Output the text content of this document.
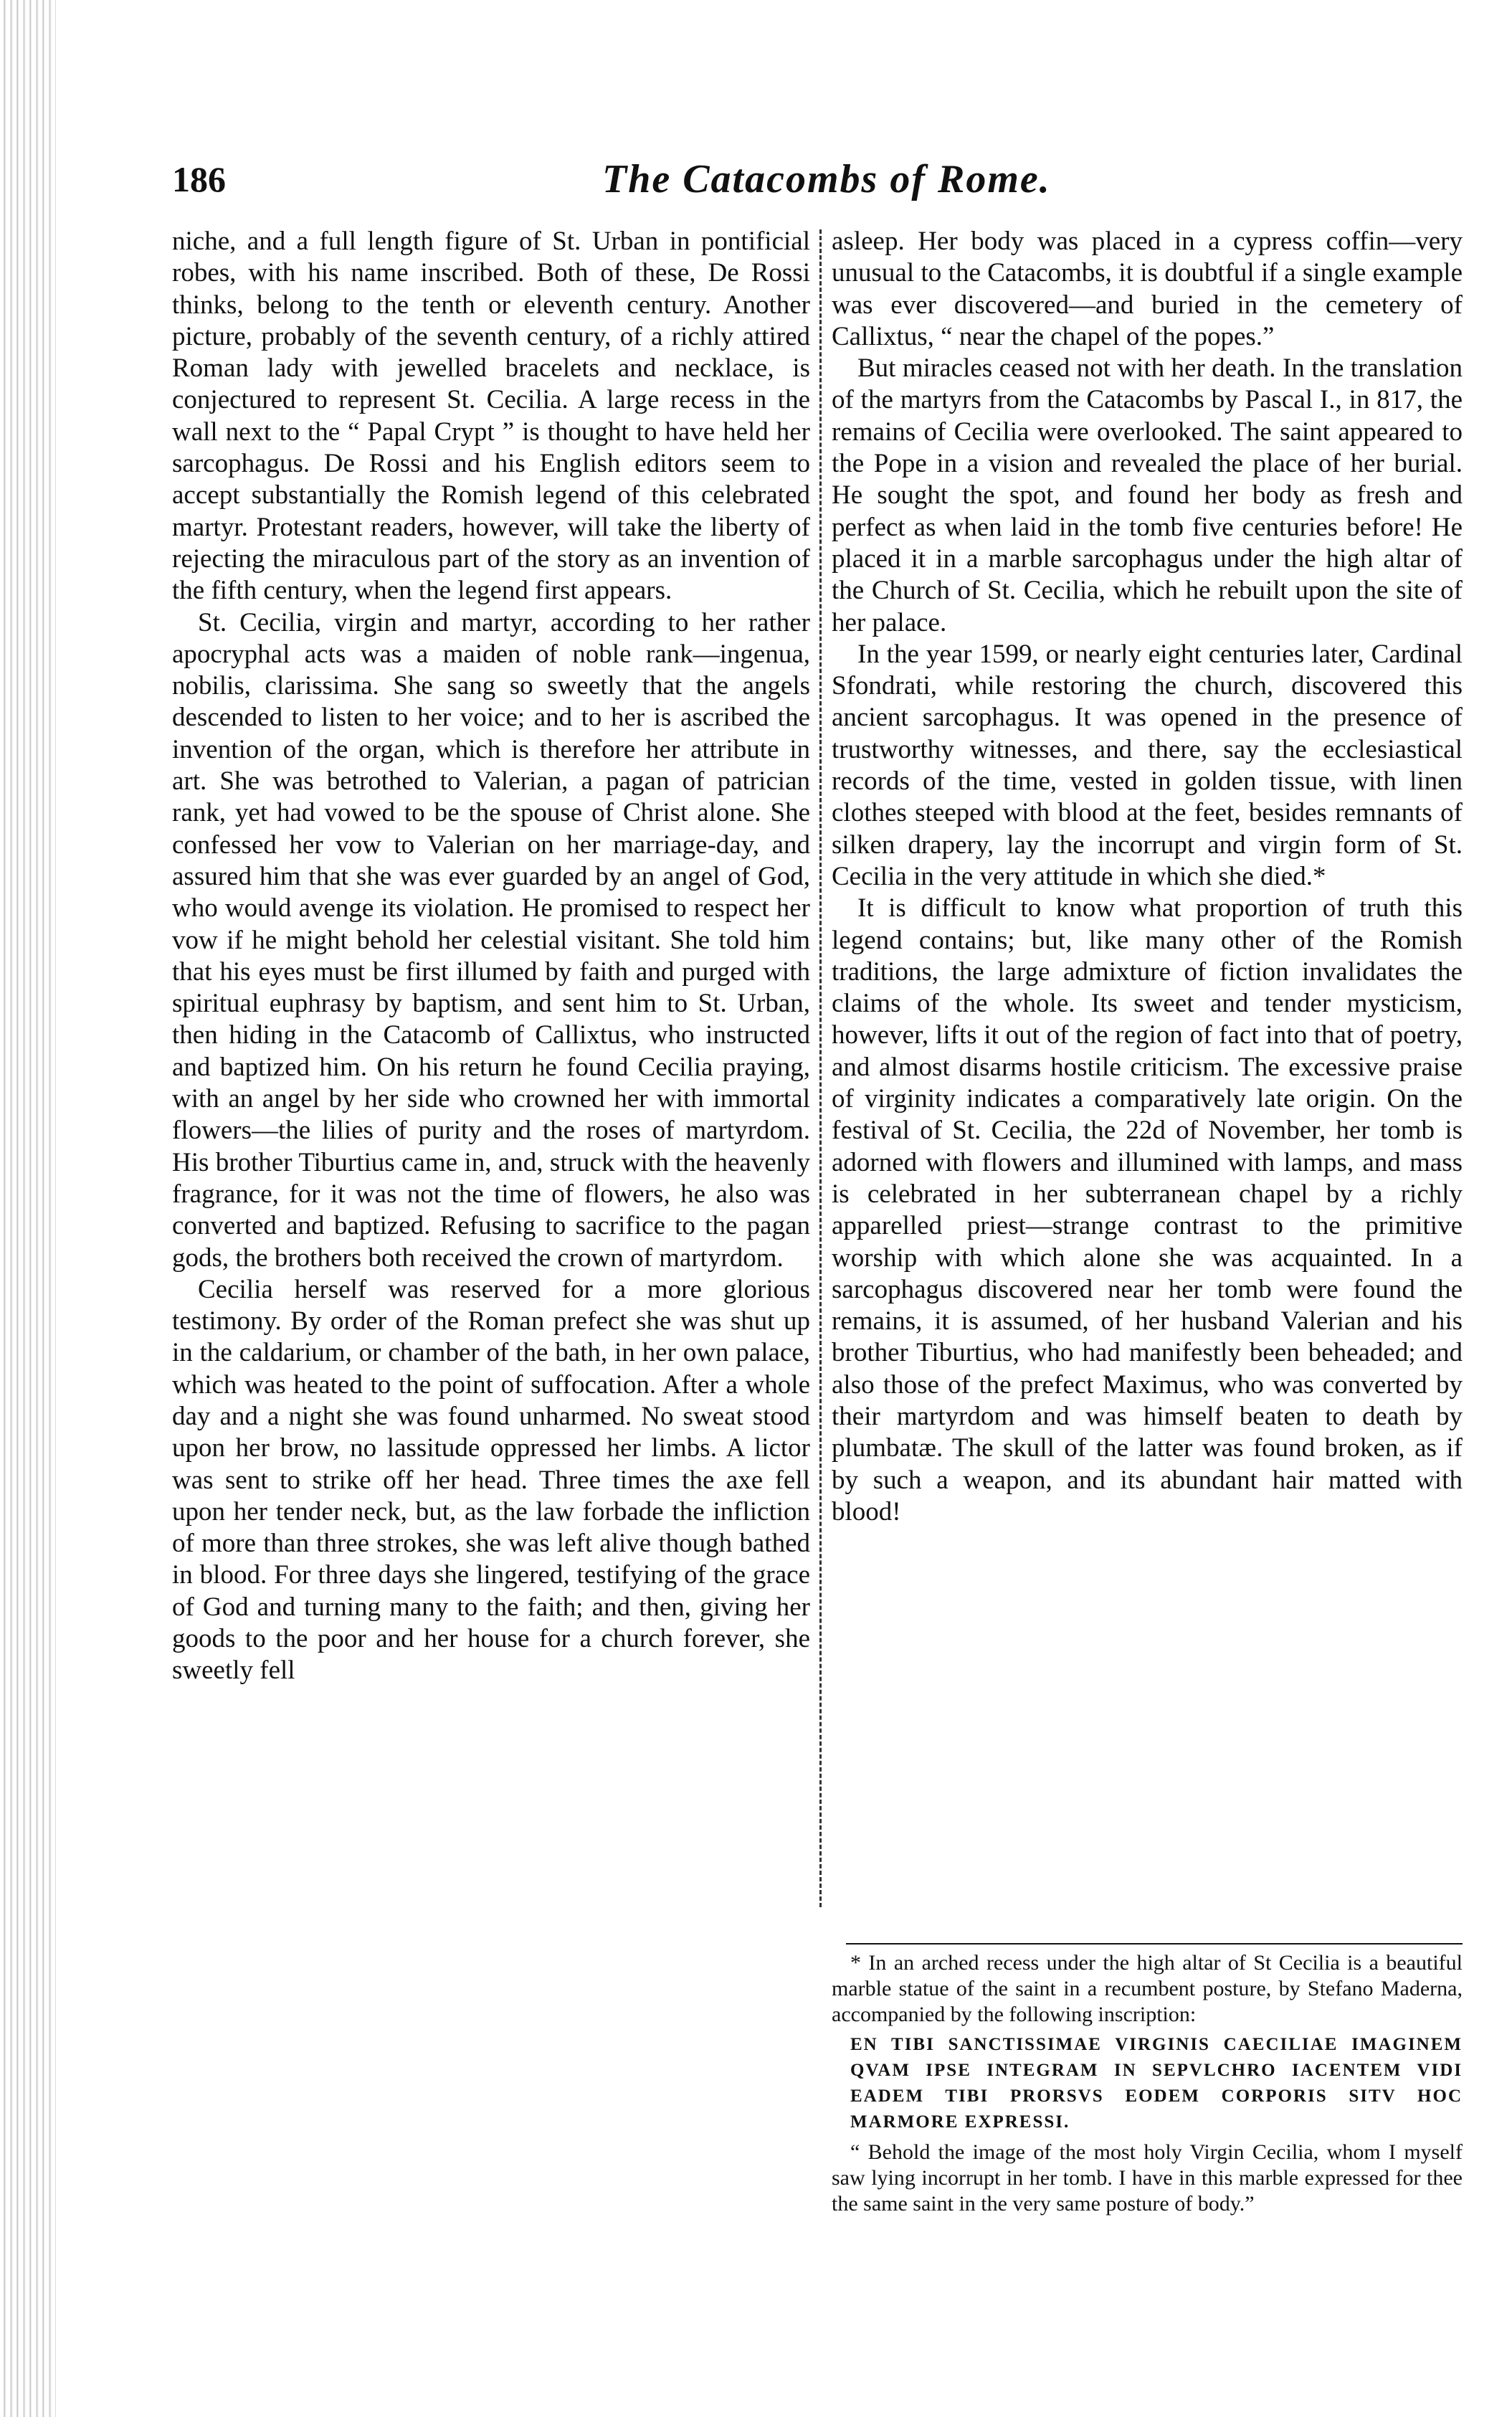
186	The Catacombs of Rome.

niche, and a full length figure of St. Urban in pontificial robes, with his name inscribed. Both of these, De Rossi thinks, belong to the tenth or eleventh century. Another picture, probably of the seventh century, of a richly attired Roman lady with jewelled bracelets and necklace, is conjectured to represent St. Cecilia. A large recess in the wall next to the “ Papal Crypt ” is thought to have held her sarcophagus. De Rossi and his English editors seem to accept substantially the Romish legend of this celebrated martyr. Protestant readers, however, will take the liberty of rejecting the miraculous part of the story as an invention of the fifth century, when the legend first appears.

St. Cecilia, virgin and martyr, according to her rather apocryphal acts was a maiden of noble rank—ingenua, nobilis, clarissima. She sang so sweetly that the angels descended to listen to her voice; and to her is ascribed the invention of the organ, which is therefore her attribute in art. She was betrothed to Valerian, a pagan of patrician rank, yet had vowed to be the spouse of Christ alone. She confessed her vow to Valerian on her marriage-day, and assured him that she was ever guarded by an angel of God, who would avenge its violation. He promised to respect her vow if he might behold her celestial visitant. She told him that his eyes must be first illumed by faith and purged with spiritual euphrasy by baptism, and sent him to St. Urban, then hiding in the Catacomb of Callixtus, who instructed and baptized him. On his return he found Cecilia praying, with an angel by her side who crowned her with immortal flowers—the lilies of purity and the roses of martyrdom. His brother Tiburtius came in, and, struck with the heavenly fragrance, for it was not the time of flowers, he also was converted and baptized. Refusing to sacrifice to the pagan gods, the brothers both received the crown of martyrdom.

Cecilia herself was reserved for a more glorious testimony. By order of the Roman prefect she was shut up in the caldarium, or chamber of the bath, in her own palace, which was heated to the point of suffocation. After a whole day and a night she was found unharmed. No sweat stood upon her brow, no lassitude oppressed her limbs. A lictor was sent to strike off her head. Three times the axe fell upon her tender neck, but, as the law forbade the infliction of more than three strokes, she was left alive though bathed in blood. For three days she lingered, testifying of the grace of God and turning many to the faith; and then, giving her goods to the poor and her house for a church forever, she sweetly fell

asleep. Her body was placed in a cypress coffin—very unusual to the Catacombs, it is doubtful if a single example was ever discovered—and buried in the cemetery of Callixtus, “ near the chapel of the popes.”

But miracles ceased not with her death. In the translation of the martyrs from the Catacombs by Pascal I., in 817, the remains of Cecilia were overlooked. The saint appeared to the Pope in a vision and revealed the place of her burial. He sought the spot, and found her body as fresh and perfect as when laid in the tomb five centuries before! He placed it in a marble sarcophagus under the high altar of the Church of St. Cecilia, which he rebuilt upon the site of her palace.

In the year 1599, or nearly eight centuries later, Cardinal Sfondrati, while restoring the church, discovered this ancient sarcophagus. It was opened in the presence of trustworthy witnesses, and there, say the ecclesiastical records of the time, vested in golden tissue, with linen clothes steeped with blood at the feet, besides remnants of silken drapery, lay the incorrupt and virgin form of St. Cecilia in the very attitude in which she died.*

It is difficult to know what proportion of truth this legend contains; but, like many other of the Romish traditions, the large admixture of fiction invalidates the claims of the whole. Its sweet and tender mysticism, however, lifts it out of the region of fact into that of poetry, and almost disarms hostile criticism. The excessive praise of virginity indicates a comparatively late origin. On the festival of St. Cecilia, the 22d of November, her tomb is adorned with flowers and illumined with lamps, and mass is celebrated in her subterranean chapel by a richly apparelled priest—strange contrast to the primitive worship with which alone she was acquainted. In a sarcophagus discovered near her tomb were found the remains, it is assumed, of her husband Valerian and his brother Tiburtius, who had manifestly been beheaded; and also those of the prefect Maximus, who was converted by their martyrdom and was himself beaten to death by plumbatæ. The skull of the latter was found broken, as if by such a weapon, and its abundant hair matted with blood!

* In an arched recess under the high altar of St Cecilia is a beautiful marble statue of the saint in a recumbent posture, by Stefano Maderna, accompanied by the following inscription:

EN TIBI SANCTISSIMAE VIRGINIS CAECILIAE IMAGINEM QVAM IPSE INTEGRAM IN SEPVLCHRO IACENTEM VIDI EADEM TIBI PRORSVS EODEM CORPORIS SITV HOC MARMORE EXPRESSI.

“ Behold the image of the most holy Virgin Cecilia, whom I myself saw lying incorrupt in her tomb. I have in this marble expressed for thee the same saint in the very same posture of body.”
